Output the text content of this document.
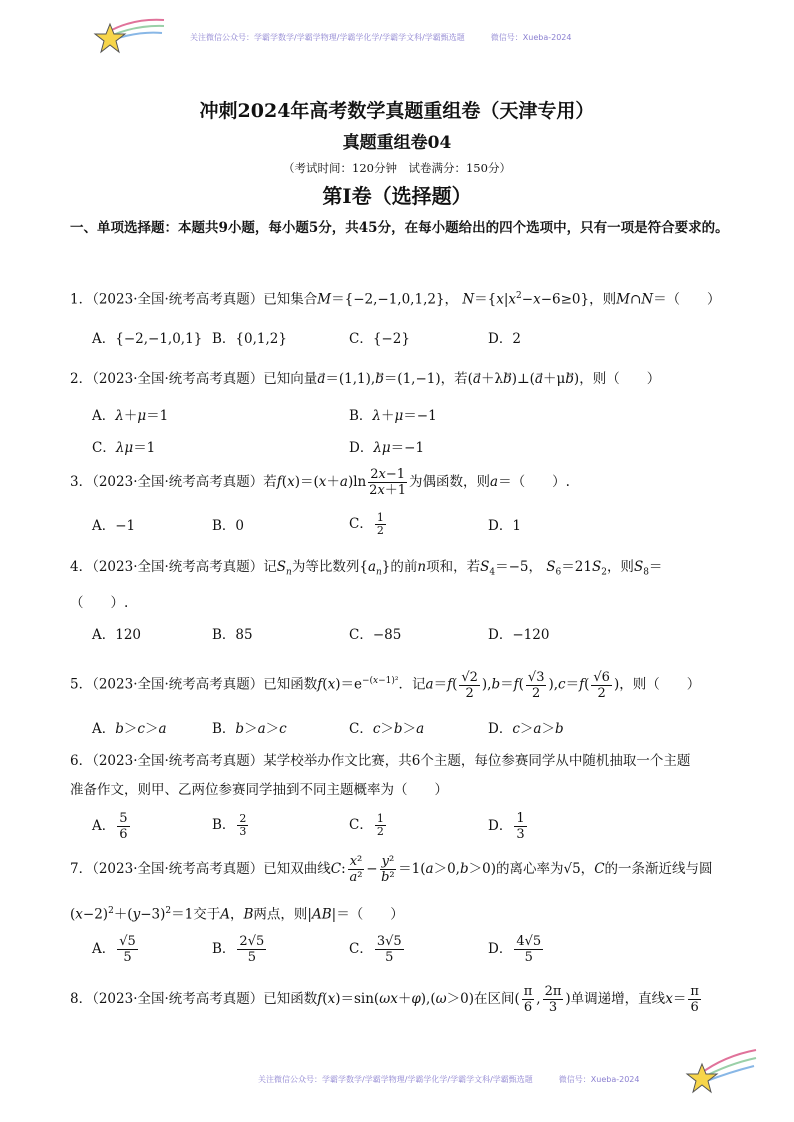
关注微信公众号：学霸学数学/学霸学物理/学霸学化学/学霸学文科/学霸甄选题	微信号：Xueba-2024
冲刺2024年高考数学真题重组卷（天津专用）
真题重组卷04
（考试时间：120分钟　试卷满分：150分）
第I卷（选择题）
一、单项选择题：本题共9小题，每小题5分，共45分，在每小题给出的四个选项中，只有一项是符合要求的。
1．（2023·全国·统考高考真题）已知集合M＝{−2,−1,0,1,2}， $N=\{x|x^2-x-6\ge 0\}$，则M∩N＝（　　）
A．{−2,−1,0,1} B．{0,1,2}	C．{−2}	D．2
2．（2023·全国·统考高考真题）已知向量a⃗＝(1,1),b⃗＝(1,−1)，若(a⃗＋λb⃗)⊥(a⃗＋μb⃗)，则（　　）
A．λ＋μ＝1	B．λ＋μ＝−1
C．λμ＝1	D．λμ＝−1
3．（2023·全国·统考高考真题）若$f(x)=(x+a)\ln \frac{2x-1}{2x+1}$ 为偶函数，则a＝（　　）.
A．−1	B．0	C． $\frac{1}{2}$	D．1
4．（2023·全国·统考高考真题）记$S_n$为等比数列$\{a_n\}$的前n项和，若$S_4=-5$， $S_6=21S_2$，则$S_8=$
（　　）.
A．120	B．85	C．−85	D．−120
5．（2023·全国·统考高考真题）已知函数$f(x)=e^{-(x-1)^2}$．记$a=f( \frac{√2}{2} ),b=f( \frac{√3}{2} ),c=f( \frac{√6}{2}$ )，则（　　）
A．b＞c＞a	B．b＞a＞c	C．c＞b＞a	D．c＞a＞b
6．（2023·全国·统考高考真题）某学校举办作文比赛，共6个主题，每位参赛同学从中随机抽取一个主题
准备作文，则甲、乙两位参赛同学抽到不同主题概率为（　　）
A． $\frac{5}{6}$	B． $\frac{2}{3}$	C． $\frac{1}{2}$	D． $\frac{1}{3}$
7．（2023·全国·统考高考真题）已知双曲线C: $\frac{\text{x²}}{\text{a²}} - \frac{\text{y²}}{\text{b²}} =1(a>0,b>0)$的离心率为√5，C的一条渐近线与圆
$(x-2)^2+(y-3)^2=1$交于A，B两点，则|AB|＝（　　）
A． $\frac{√5}{5}$	B． $\frac{2√5}{5}$	C． $\frac{3√5}{5}$	D． $\frac{4√5}{5}$
8．（2023·全国·统考高考真题）已知函数f(x)＝sin(ωx＋φ),(ω＞0)在区间( $\frac{\pi}{6}$ , $\frac{2\pi}{3}$ )单调递增，直线$x= \frac{\pi}{6}$
关注微信公众号：学霸学数学/学霸学物理/学霸学化学/学霸学文科/学霸甄选题	微信号：Xueba-2024
